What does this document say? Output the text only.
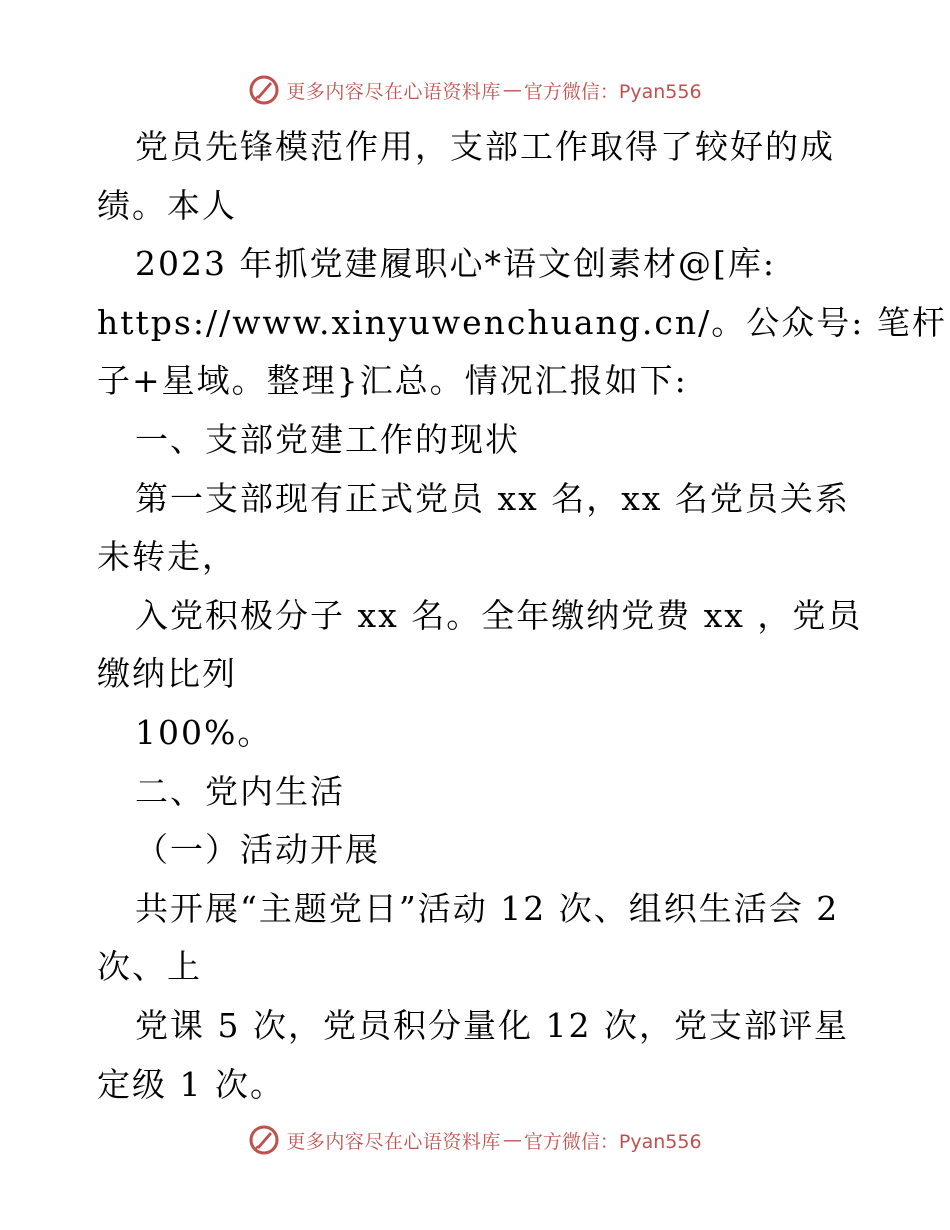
更多内容尽在心语资料库 — 官方微信：Pyan556
党员先锋模范作用，支部工作取得了较好的成
绩。本人
2023 年抓党建履职心*语文创素材@[库:
https://www.xinyuwenchuang.cn/。公众号: 笔杆
子+星域。整理}汇总。情况汇报如下:
一、支部党建工作的现状
第一支部现有正式党员 xx 名，xx 名党员关系
未转走，
入党积极分子 xx 名。全年缴纳党费 xx ，党员
缴纳比列
100%。
二、党内生活
（一）活动开展
共开展“主题党日”活动 12 次、组织生活会 2
次、上
党课 5 次，党员积分量化 12 次，党支部评星
定级 1 次。
更多内容尽在心语资料库 — 官方微信：Pyan556
